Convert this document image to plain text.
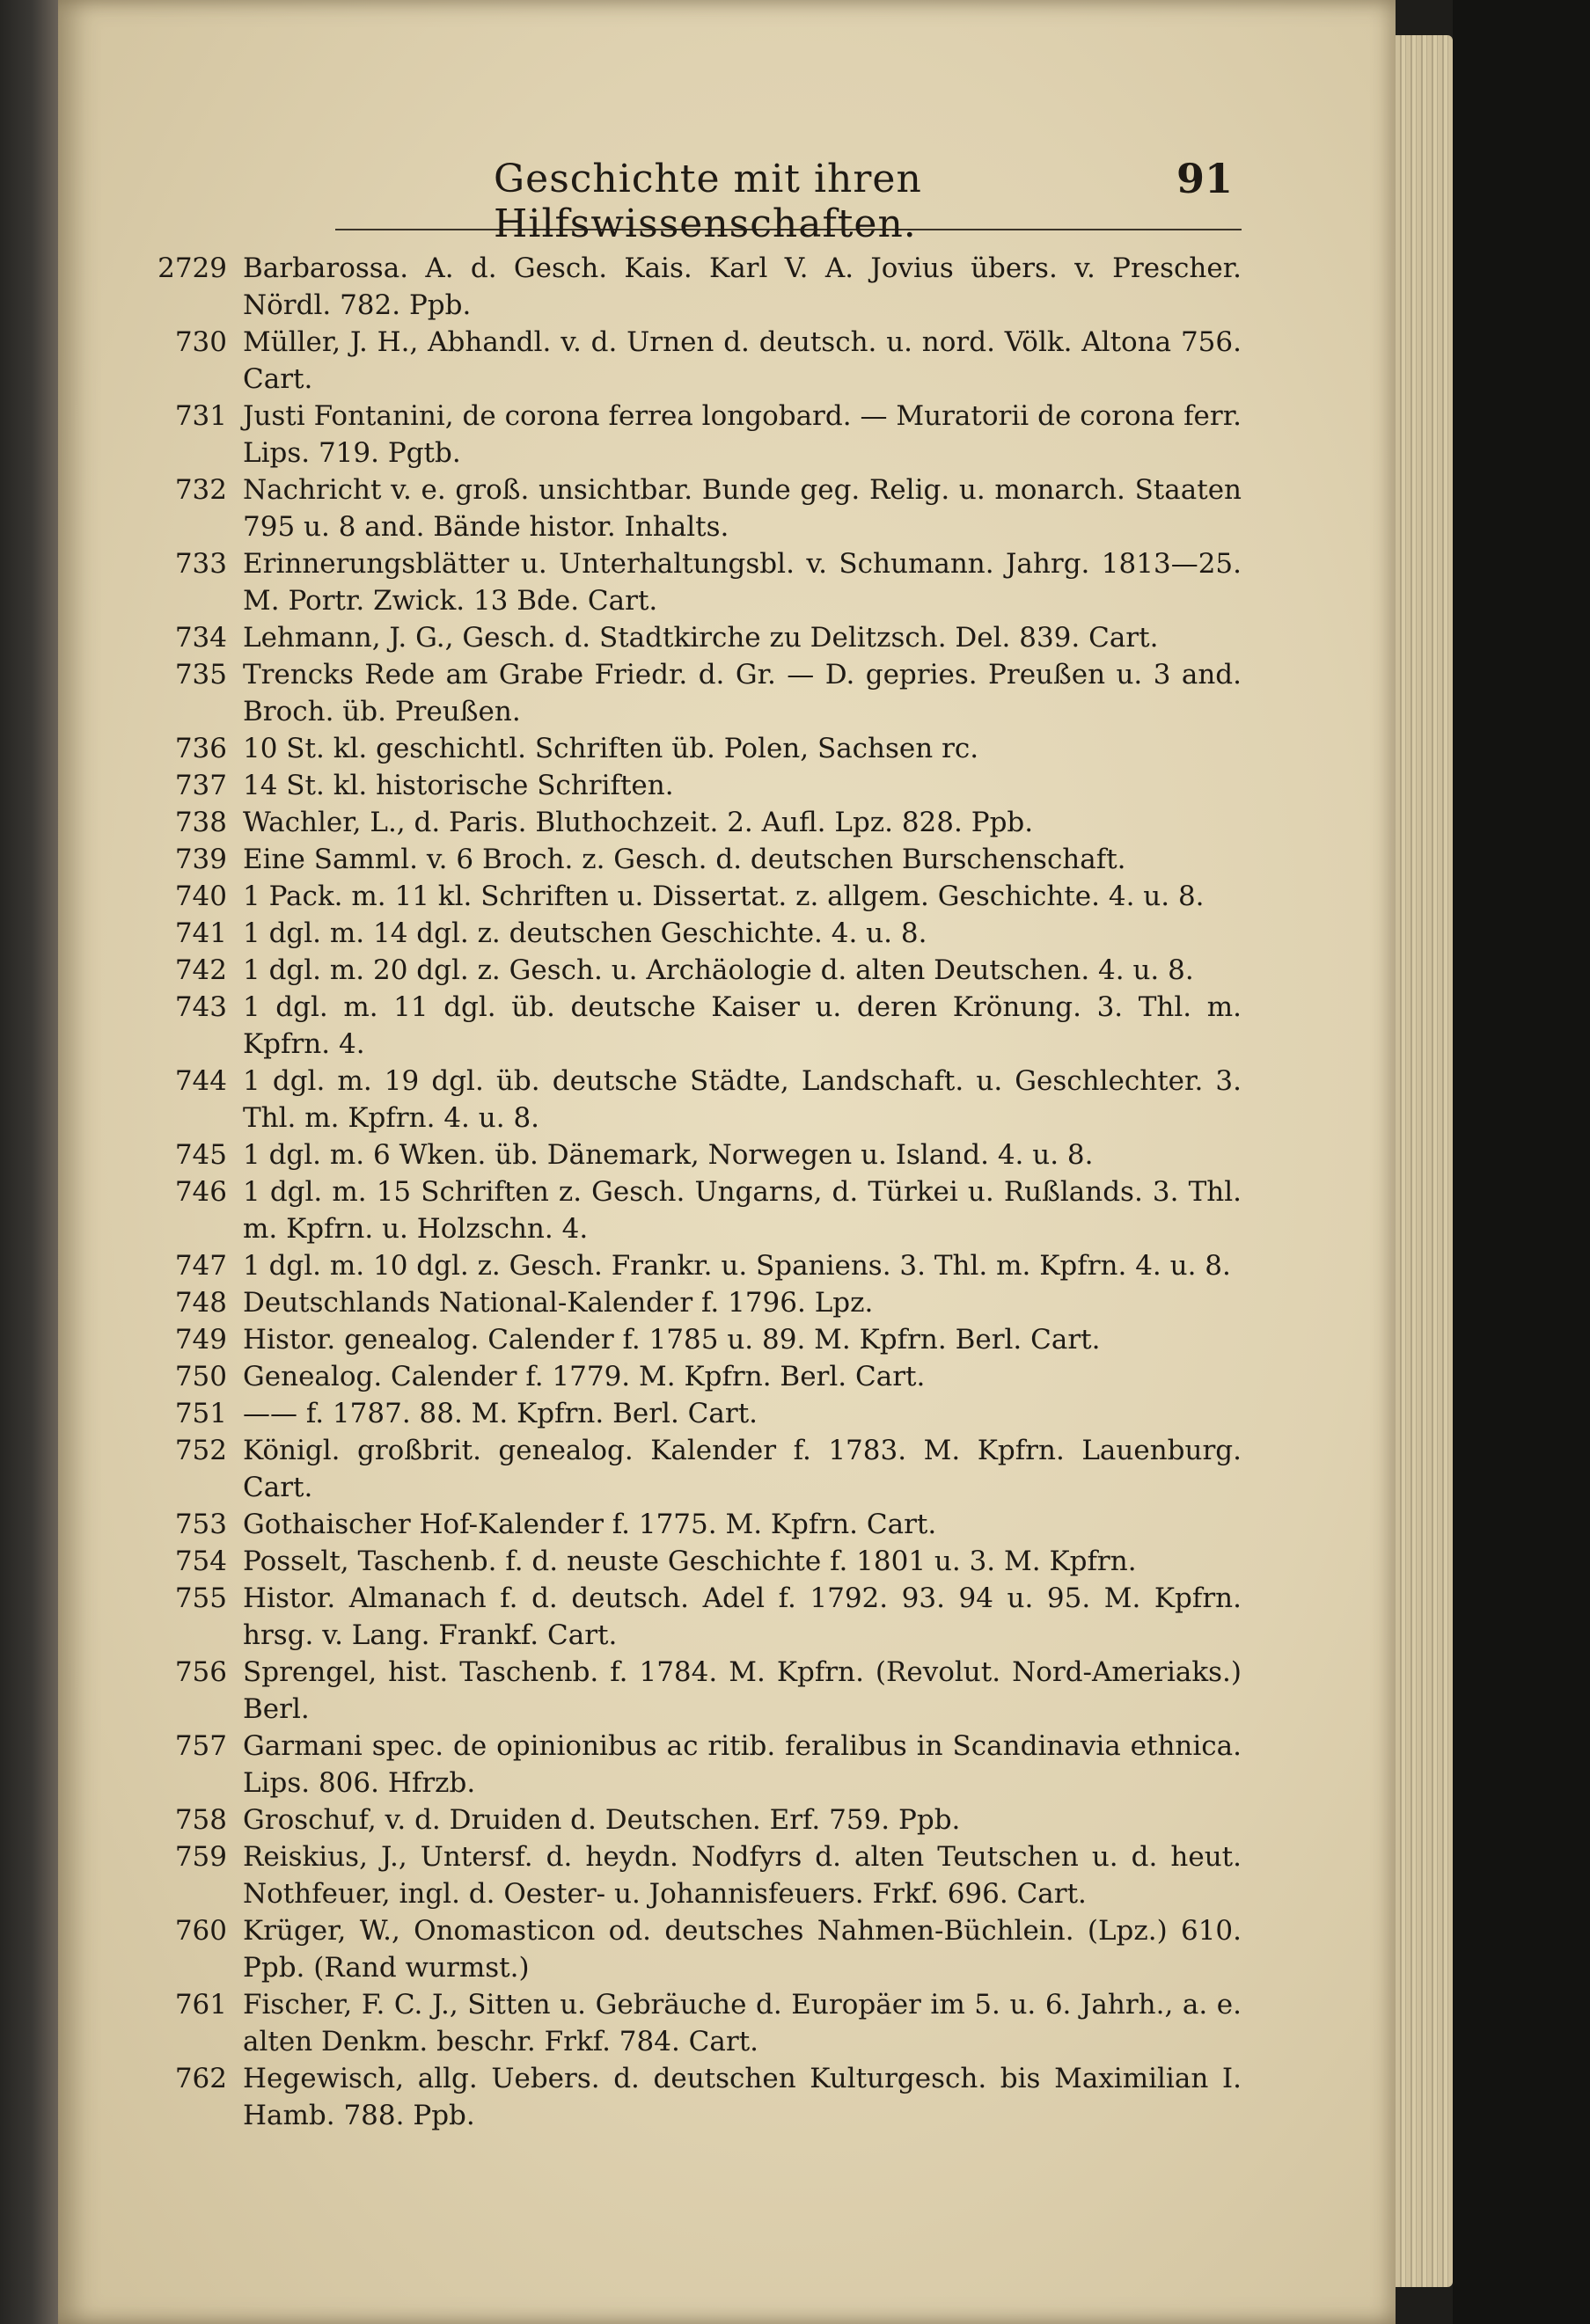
Geschichte mit ihren Hilfswissenschaften.
91
2729 Barbarossa. A. d. Gesch. Kais. Karl V. A. Jovius übers. v. Prescher. Nördl. 782. Ppb.
730 Müller, J. H., Abhandl. v. d. Urnen d. deutsch. u. nord. Völk. Altona 756. Cart.
731 Justi Fontanini, de corona ferrea longobard. — Muratorii de corona ferr. Lips. 719. Pgtb.
732 Nachricht v. e. groß. unsichtbar. Bunde geg. Relig. u. monarch. Staaten 795 u. 8 and. Bände histor. Inhalts.
733 Erinnerungsblätter u. Unterhaltungsbl. v. Schumann. Jahrg. 1813—25. M. Portr. Zwick. 13 Bde. Cart.
734 Lehmann, J. G., Gesch. d. Stadtkirche zu Delitzsch. Del. 839. Cart.
735 Trencks Rede am Grabe Friedr. d. Gr. — D. gepries. Preußen u. 3 and. Broch. üb. Preußen.
736 10 St. kl. geschichtl. Schriften üb. Polen, Sachsen rc.
737 14 St. kl. historische Schriften.
738 Wachler, L., d. Paris. Bluthochzeit. 2. Aufl. Lpz. 828. Ppb.
739 Eine Samml. v. 6 Broch. z. Gesch. d. deutschen Burschenschaft.
740 1 Pack. m. 11 kl. Schriften u. Dissertat. z. allgem. Geschichte. 4. u. 8.
741 1 dgl. m. 14 dgl. z. deutschen Geschichte. 4. u. 8.
742 1 dgl. m. 20 dgl. z. Gesch. u. Archäologie d. alten Deutschen. 4. u. 8.
743 1 dgl. m. 11 dgl. üb. deutsche Kaiser u. deren Krönung. 3. Thl. m. Kpfrn. 4.
744 1 dgl. m. 19 dgl. üb. deutsche Städte, Landschaft. u. Geschlechter. 3. Thl. m. Kpfrn. 4. u. 8.
745 1 dgl. m. 6 Wken. üb. Dänemark, Norwegen u. Island. 4. u. 8.
746 1 dgl. m. 15 Schriften z. Gesch. Ungarns, d. Türkei u. Rußlands. 3. Thl. m. Kpfrn. u. Holzschn. 4.
747 1 dgl. m. 10 dgl. z. Gesch. Frankr. u. Spaniens. 3. Thl. m. Kpfrn. 4. u. 8.
748 Deutschlands National-Kalender f. 1796. Lpz.
749 Histor. genealog. Calender f. 1785 u. 89. M. Kpfrn. Berl. Cart.
750 Genealog. Calender f. 1779. M. Kpfrn. Berl. Cart.
751 —— f. 1787. 88. M. Kpfrn. Berl. Cart.
752 Königl. großbrit. genealog. Kalender f. 1783. M. Kpfrn. Lauenburg. Cart.
753 Gothaischer Hof-Kalender f. 1775. M. Kpfrn. Cart.
754 Posselt, Taschenb. f. d. neuste Geschichte f. 1801 u. 3. M. Kpfrn.
755 Histor. Almanach f. d. deutsch. Adel f. 1792. 93. 94 u. 95. M. Kpfrn. hrsg. v. Lang. Frankf. Cart.
756 Sprengel, hist. Taschenb. f. 1784. M. Kpfrn. (Revolut. Nord-Ameriaks.) Berl.
757 Garmani spec. de opinionibus ac ritib. feralibus in Scandinavia ethnica. Lips. 806. Hfrzb.
758 Groschuf, v. d. Druiden d. Deutschen. Erf. 759. Ppb.
759 Reiskius, J., Untersf. d. heydn. Nodfyrs d. alten Teutschen u. d. heut. Nothfeuer, ingl. d. Oester- u. Johannisfeuers. Frkf. 696. Cart.
760 Krüger, W., Onomasticon od. deutsches Nahmen-Büchlein. (Lpz.) 610. Ppb. (Rand wurmst.)
761 Fischer, F. C. J., Sitten u. Gebräuche d. Europäer im 5. u. 6. Jahrh., a. e. alten Denkm. beschr. Frkf. 784. Cart.
762 Hegewisch, allg. Uebers. d. deutschen Kulturgesch. bis Maximilian I. Hamb. 788. Ppb.
